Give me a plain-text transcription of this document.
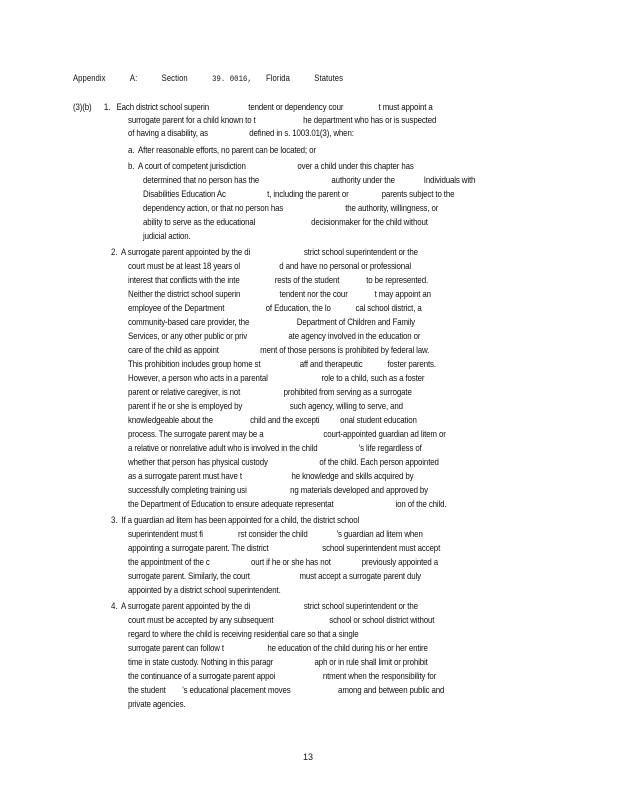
Appendix	A:	Section	39. 0016, Florida	Statutes
(3)(b)      1.   Each district school superin                   tendent or dependency cour                 t must appoint a
surrogate parent for a child known to t                       he department who has or is suspected
of having a disability, as                    defined in s. 1003.01(3), when:
a.  After reasonable efforts, no parent can be located; or
b.  A court of competent jurisdiction                         over a child under this chapter has
determined that no person has the                                   authority under the              Individuals with
Disabilities Education Ac                    t, including the parent or                parents subject to the
dependency action, or that no person has                              the authority, willingness, or
ability to serve as the educational                           decisionmaker for the child without
judicial action.
2.  A surrogate parent appointed by the di                          strict school superintendent or the
court must be at least 18 years ol                   d and have no personal or professional
interest that conflicts with the inte                 rests of the student             to be represented.
Neither the district school superin                   tendent nor the cour             t may appoint an
employee of the Department                    of Education, the lo            cal school district, a
community-based care provider, the                       Department of Children and Family
Services, or any other public or priv                    ate agency involved in the education or
care of the child as appoint                    ment of those persons is prohibited by federal law.
This prohibition includes group home st                   aff and therapeutic            foster parents.
However, a person who acts in a parental                          role to a child, such as a foster
parent or relative caregiver, is not                     prohibited from serving as a surrogate
parent if he or she is employed by                       such agency, willing to serve, and
knowledgeable about the                  child and the excepti          onal student education
process. The surrogate parent may be a                             court-appointed guardian ad litem or
a relative or nonrelative adult who is involved in the child                    's life regardless of
whether that person has physical custody                         of the child. Each person appointed
as a surrogate parent must have t                        he knowledge and skills acquired by
successfully completing training usi                     ng materials developed and approved by
the Department of Education to ensure adequate representat                              ion of the child.
3.  If a guardian ad litem has been appointed for a child, the district school
superintendent must fi                 rst consider the child              's guardian ad litem when
appointing a surrogate parent. The district                          school superintendent must accept
the appointment of the c                    ourt if he or she has not               previously appointed a
surrogate parent. Similarly, the court                        must accept a surrogate parent duly
appointed by a district school superintendent.
4.  A surrogate parent appointed by the di                          strict school superintendent or the
court must be accepted by any subsequent                           school or school district without
regard to where the child is receiving residential care so that a single
surrogate parent can follow t                     he education of the child during his or her entire
time in state custody. Nothing in this paragr                    aph or in rule shall limit or prohibit
the continuance of a surrogate parent appoi                       ntment when the responsibility for
the student        's educational placement moves                       among and between public and
private agencies.
13
